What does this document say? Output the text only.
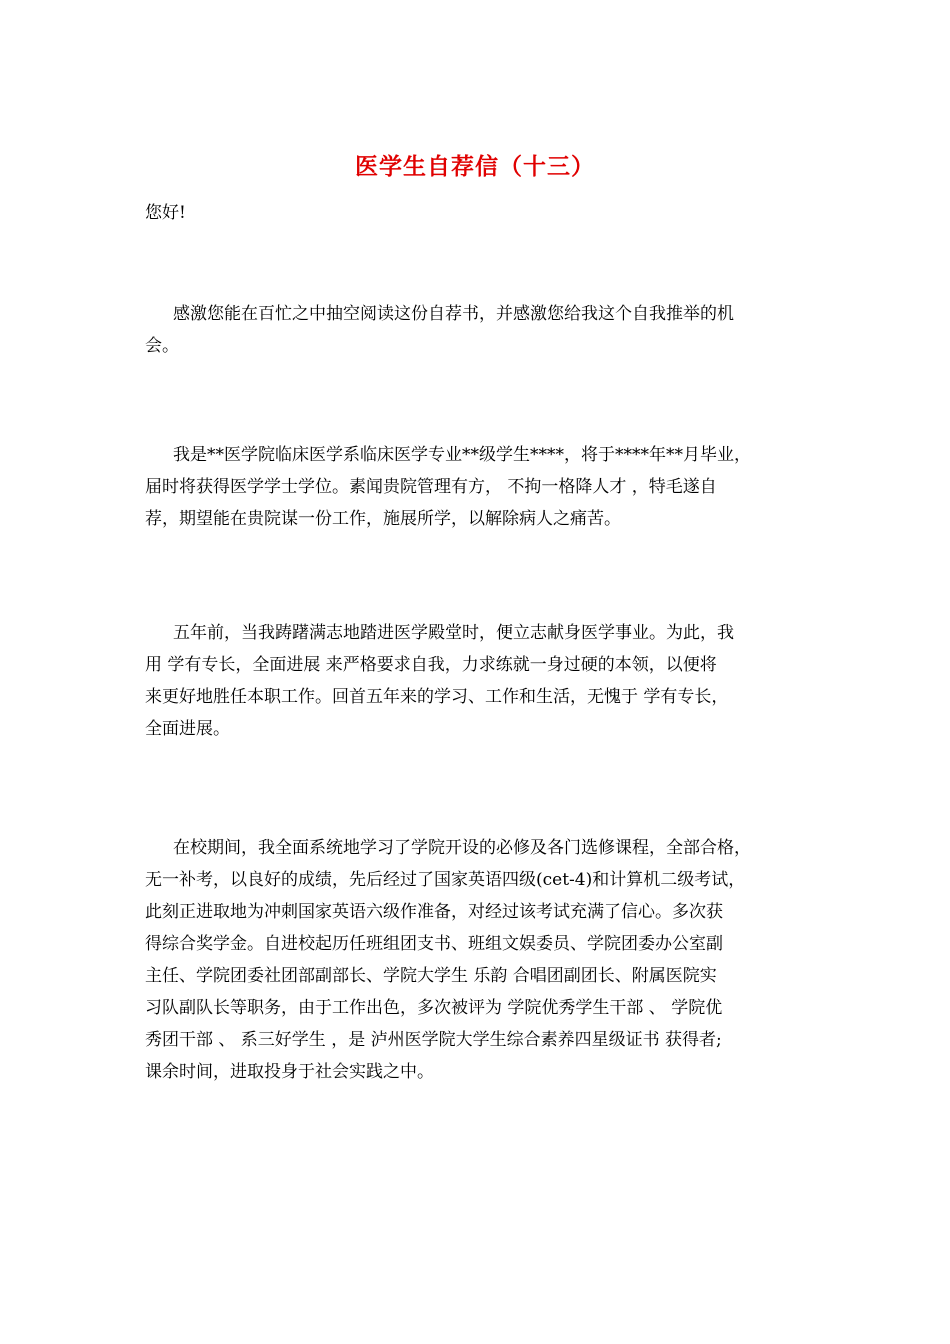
医学生自荐信（十三）

您好!

感激您能在百忙之中抽空阅读这份自荐书，并感激您给我这个自我推举的机
会。

我是**医学院临床医学系临床医学专业**级学生****，将于****年**月毕业，
届时将获得医学学士学位。素闻贵院管理有方， 不拘一格降人才 ，特毛遂自
荐，期望能在贵院谋一份工作，施展所学，以解除病人之痛苦。

五年前，当我踌躇满志地踏进医学殿堂时，便立志献身医学事业。为此，我
用 学有专长，全面进展 来严格要求自我，力求练就一身过硬的本领，以便将
来更好地胜任本职工作。回首五年来的学习、工作和生活，无愧于 学有专长，
全面进展。

在校期间，我全面系统地学习了学院开设的必修及各门选修课程，全部合格，
无一补考，以良好的成绩，先后经过了国家英语四级(cet-4)和计算机二级考试，
此刻正进取地为冲刺国家英语六级作准备，对经过该考试充满了信心。多次获
得综合奖学金。自进校起历任班组团支书、班组文娱委员、学院团委办公室副
主任、学院团委社团部副部长、学院大学生 乐韵 合唱团副团长、附属医院实
习队副队长等职务，由于工作出色，多次被评为 学院优秀学生干部 、 学院优
秀团干部 、 系三好学生 ，是 泸州医学院大学生综合素养四星级证书 获得者;
课余时间，进取投身于社会实践之中。
